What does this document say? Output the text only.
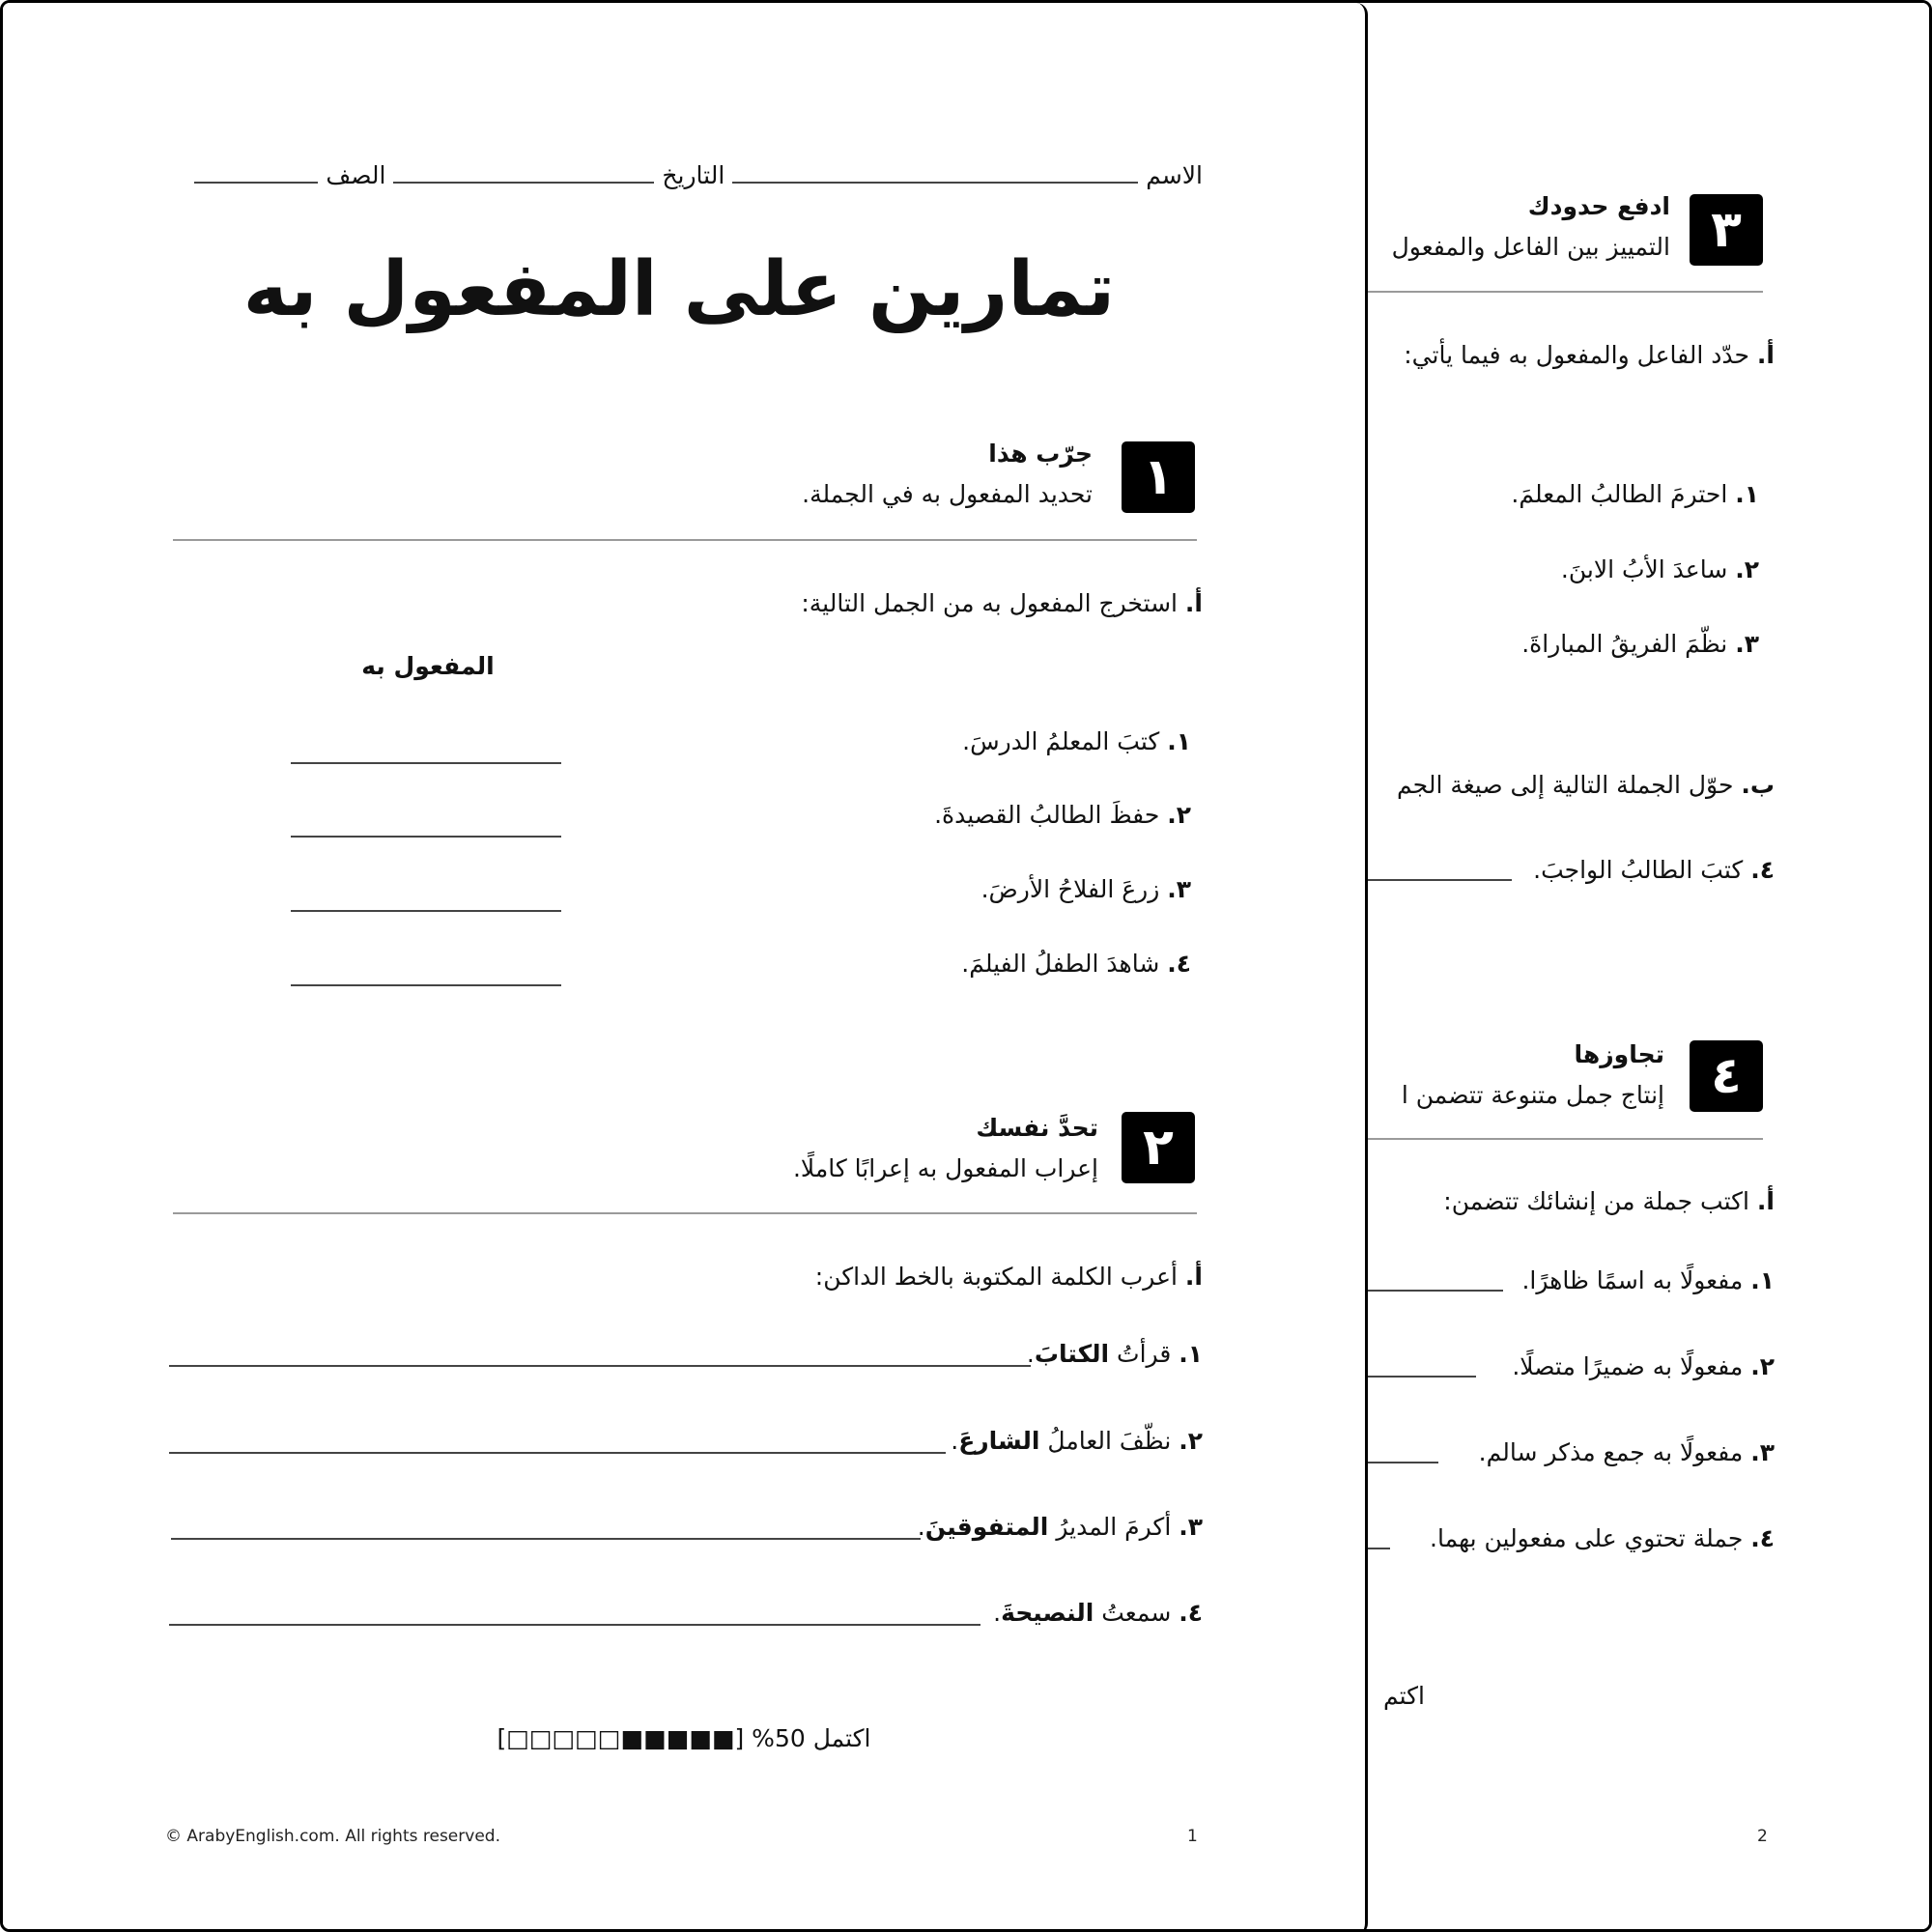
الاسم  التاريخ  الصف
تمارين على المفعول به
١
جرّب هذا
تحديد المفعول به في الجملة.
أ. استخرج المفعول به من الجمل التالية:
المفعول به
١. كتبَ المعلمُ الدرسَ.
٢. حفظَ الطالبُ القصيدةَ.
٣. زرعَ الفلاحُ الأرضَ.
٤. شاهدَ الطفلُ الفيلمَ.
٢
تحدَّ نفسك
إعراب المفعول به إعرابًا كاملًا.
أ. أعرب الكلمة المكتوبة بالخط الداكن:
١. قرأتُ الكتابَ.
٢. نظّفَ العاملُ الشارعَ.
٣. أكرمَ المديرُ المتفوقينَ.
٤. سمعتُ النصيحةَ.
اكتمل 50% [■■■■■□□□□□]
© ArabyEnglish.com. All rights reserved.	1
٣
ادفع حدودك
التمييز بين الفاعل والمفعول
أ. حدّد الفاعل والمفعول به فيما يأتي:
١. احترمَ الطالبُ المعلمَ.
٢. ساعدَ الأبُ الابنَ.
٣. نظّمَ الفريقُ المباراةَ.
ب. حوّل الجملة التالية إلى صيغة الجم
٤. كتبَ الطالبُ الواجبَ.
٤
تجاوزها
إنتاج جمل متنوعة تتضمن ا
أ. اكتب جملة من إنشائك تتضمن:
١. مفعولًا به اسمًا ظاهرًا.
٢. مفعولًا به ضميرًا متصلًا.
٣. مفعولًا به جمع مذكر سالم.
٤. جملة تحتوي على مفعولين بهما.
اكتم
2
